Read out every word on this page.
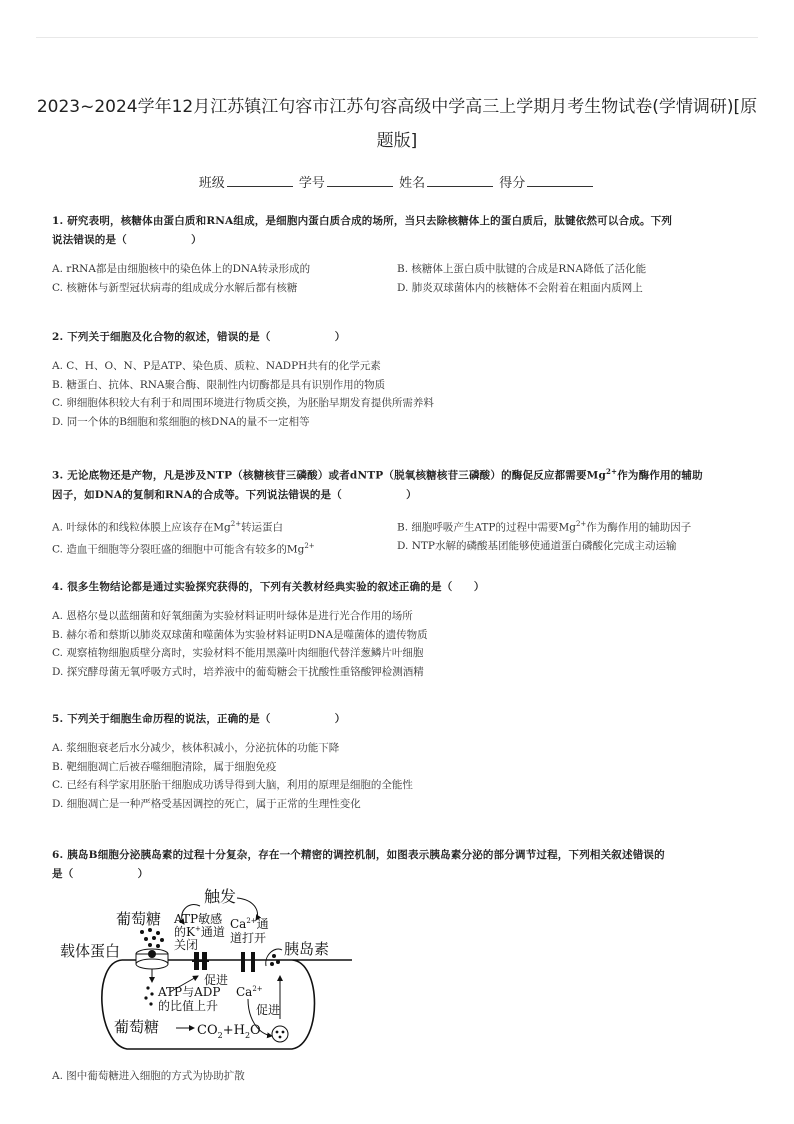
2023~2024学年12月江苏镇江句容市江苏句容高级中学高三上学期月考生物试卷(学情调研)[原
题版]
班级	学号	姓名	得分
1. 研究表明，核糖体由蛋白质和RNA组成，是细胞内蛋白质合成的场所，当只去除核糖体上的蛋白质后，肽键依然可以合成。下列
说法错误的是（　　　　　　）
A. rRNA都是由细胞核中的染色体上的DNA转录形成的	B. 核糖体上蛋白质中肽键的合成是RNA降低了活化能
C. 核糖体与新型冠状病毒的组成成分水解后都有核糖	D. 肺炎双球菌体内的核糖体不会附着在粗面内质网上
2. 下列关于细胞及化合物的叙述，错误的是（　　　　　　）
A. C、H、O、N、P是ATP、染色质、质粒、NADPH共有的化学元素
B. 糖蛋白、抗体、RNA聚合酶、限制性内切酶都是具有识别作用的物质
C. 卵细胞体积较大有利于和周围环境进行物质交换，为胚胎早期发育提供所需养料
D. 同一个体的B细胞和浆细胞的核DNA的量不一定相等
3. 无论底物还是产物，凡是涉及NTP（核糖核苷三磷酸）或者dNTP（脱氧核糖核苷三磷酸）的酶促反应都需要$Mg^{2+}$作为酶作用的辅助
因子，如DNA的复制和RNA的合成等。下列说法错误的是（　　　　　　）
A. 叶绿体的和线粒体膜上应该存在$Mg^{2+}$转运蛋白	B. 细胞呼吸产生ATP的过程中需要$Mg^{2+}$作为酶作用的辅助因子
C. 造血干细胞等分裂旺盛的细胞中可能含有较多的$Mg^{2+}$	D. NTP水解的磷酸基团能够使通道蛋白磷酸化完成主动运输
4. 很多生物结论都是通过实验探究获得的，下列有关教材经典实验的叙述正确的是（　　）
A. 恩格尔曼以蓝细菌和好氧细菌为实验材料证明叶绿体是进行光合作用的场所
B. 赫尔希和蔡斯以肺炎双球菌和噬菌体为实验材料证明DNA是噬菌体的遗传物质
C. 观察植物细胞质壁分离时，实验材料不能用黑藻叶肉细胞代替洋葱鳞片叶细胞
D. 探究酵母菌无氧呼吸方式时，培养液中的葡萄糖会干扰酸性重铬酸钾检测酒精
5. 下列关于细胞生命历程的说法，正确的是（　　　　　　）
A. 浆细胞衰老后水分减少，核体积减小，分泌抗体的功能下降
B. 靶细胞凋亡后被吞噬细胞清除，属于细胞免疫
C. 已经有科学家用胚胎干细胞成功诱导得到大脑，利用的原理是细胞的全能性
D. 细胞凋亡是一种严格受基因调控的死亡，属于正常的生理性变化
6. 胰岛B细胞分泌胰岛素的过程十分复杂，存在一个精密的调控机制，如图表示胰岛素分泌的部分调节过程，下列相关叙述错误的
是（　　　　　　）
触发
葡萄糖
载体蛋白
ATP敏感
的K+通道
关闭
$Ca^{2+}$通
道打开
胰岛素
促进
ATP与ADP
的比值上升
$Ca^{2+}$
促进
葡萄糖	$CO_2+H_2O$
A. 图中葡萄糖进入细胞的方式为协助扩散
